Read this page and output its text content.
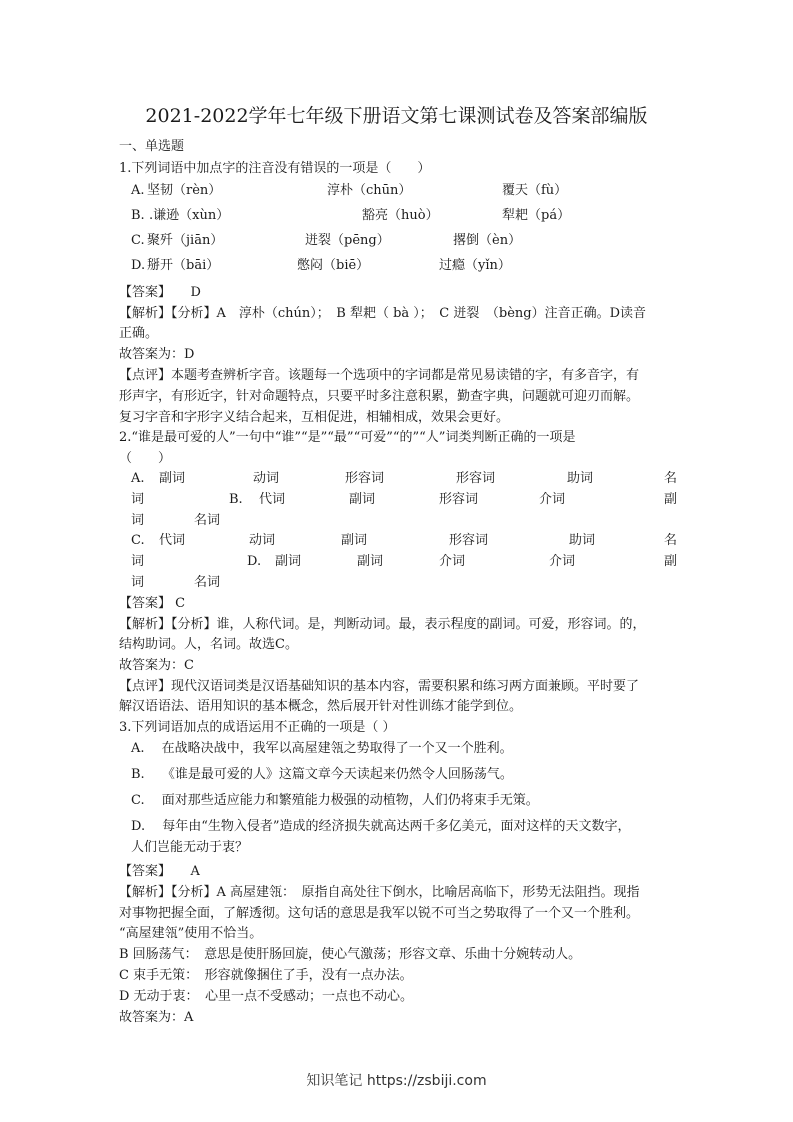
2021-2022学年七年级下册语文第七课测试卷及答案部编版
一、单选题
1.下列词语中加点字的注音没有错误的一项是（　　）
A. 坚韧（rèn）	淳朴（chūn）	覆天（fù）
B. .谦逊（xùn）	豁亮（huò）	犁耙（pá）
C. 聚歼（jiān）	迸裂（pēng）	撂倒（èn）
D. 掰开（bāi）	憋闷（biē）	过瘾（yǐn）
【答案】　　D
【解析】【分析】A　淳朴（chún）；　B 犁耙（ bà ）；　C 迸裂　（bèng）注音正确。D读音
正确。
故答案为：D
【点评】本题考查辨析字音。该题每一个选项中的字词都是常见易读错的字，有多音字，有
形声字，有形近字，针对命题特点，只要平时多注意积累，勤查字典，问题就可迎刃而解。
复习字音和字形字义结合起来，互相促进，相辅相成，效果会更好。
2.“谁是最可爱的人”一句中“谁”“是”“最”“可爱”“的”“人”词类判断正确的一项是
（　　）
A. 副词	动词	形容词	形容词	助词	名
词	B. 代词	副词	形容词	介词	副
词	名词
C. 代词	动词	副词	形容词	助词	名
词	D. 副词	副词	介词	介词	副
词	名词
【答案】 C
【解析】【分析】谁，人称代词。是，判断动词。最，表示程度的副词。可爱，形容词。的，
结构助词。人，名词。故选C。
故答案为：C
【点评】现代汉语词类是汉语基础知识的基本内容，需要积累和练习两方面兼顾。平时要了
解汉语语法、语用知识的基本概念，然后展开针对性训练才能学到位。
3.下列词语加点的成语运用不正确的一项是（ ）
A.　 在战略决战中，我军以高屋建瓴之势取得了一个又一个胜利。
B.　 《谁是最可爱的人》这篇文章今天读起来仍然令人回肠荡气。
C.　 面对那些适应能力和繁殖能力极强的动植物，人们仍将束手无策。
D.　 每年由“生物入侵者”造成的经济损失就高达两千多亿美元，面对这样的天文数字，
人们岂能无动于衷？
【答案】　　A
【解析】【分析】A 高屋建瓴：　原指自高处往下倒水，比喻居高临下，形势无法阻挡。现指
对事物把握全面，了解透彻。这句话的意思是我军以锐不可当之势取得了一个又一个胜利。
“高屋建瓴”使用不恰当。
B 回肠荡气：　意思是使肝肠回旋，使心气激荡；形容文章、乐曲十分婉转动人。
C 束手无策：　形容就像捆住了手，没有一点办法。
D 无动于衷：　心里一点不受感动；一点也不动心。
故答案为：A
知识笔记 https://zsbiji.com
